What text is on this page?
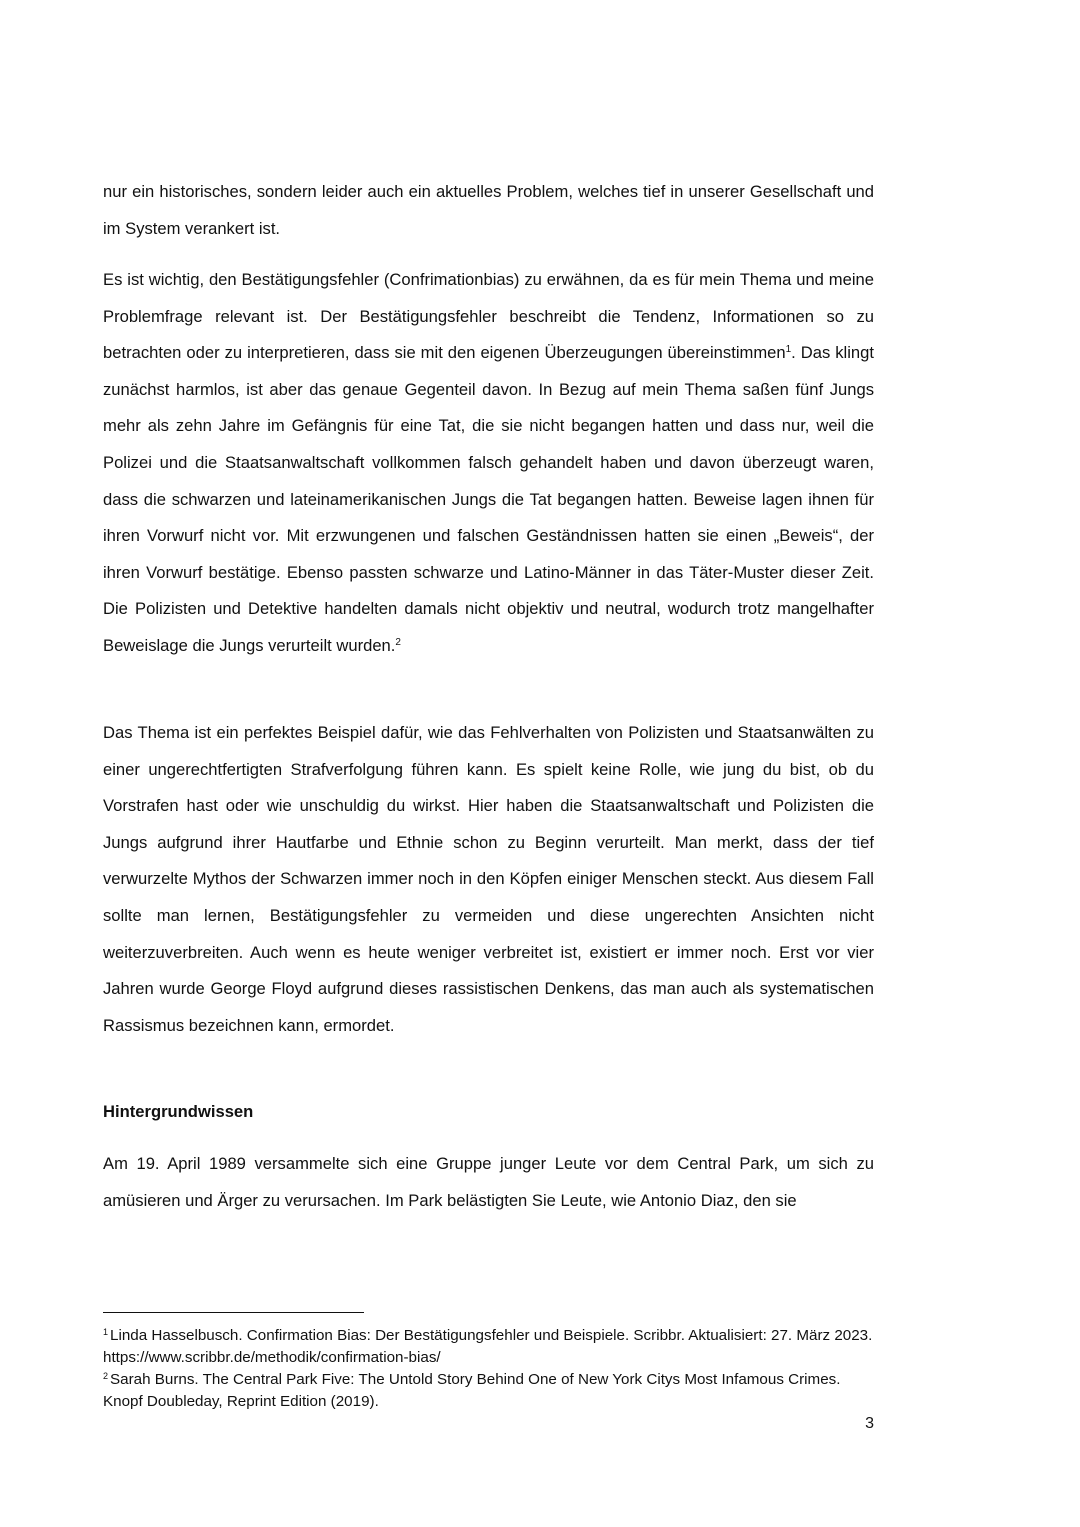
nur ein historisches, sondern leider auch ein aktuelles Problem, welches tief in unserer Gesellschaft und im System verankert ist.

Es ist wichtig, den Bestätigungsfehler (Confrimationbias) zu erwähnen, da es für mein Thema und meine Problemfrage relevant ist. Der Bestätigungsfehler beschreibt die Tendenz, Informationen so zu betrachten oder zu interpretieren, dass sie mit den eigenen Überzeugungen übereinstimmen$^1$. Das klingt zunächst harmlos, ist aber das genaue Gegenteil davon. In Bezug auf mein Thema saßen fünf Jungs mehr als zehn Jahre im Gefängnis für eine Tat, die sie nicht begangen hatten und dass nur, weil die Polizei und die Staatsanwaltschaft vollkommen falsch gehandelt haben und davon überzeugt waren, dass die schwarzen und lateinamerikanischen Jungs die Tat begangen hatten. Beweise lagen ihnen für ihren Vorwurf nicht vor. Mit erzwungenen und falschen Geständnissen hatten sie einen „Beweis“, der ihren Vorwurf bestätige. Ebenso passten schwarze und Latino-Männer in das Täter-Muster dieser Zeit. Die Polizisten und Detektive handelten damals nicht objektiv und neutral, wodurch trotz mangelhafter Beweislage die Jungs verurteilt wurden.$^2$

Das Thema ist ein perfektes Beispiel dafür, wie das Fehlverhalten von Polizisten und Staatsanwälten zu einer ungerechtfertigten Strafverfolgung führen kann. Es spielt keine Rolle, wie jung du bist, ob du Vorstrafen hast oder wie unschuldig du wirkst. Hier haben die Staatsanwaltschaft und Polizisten die Jungs aufgrund ihrer Hautfarbe und Ethnie schon zu Beginn verurteilt. Man merkt, dass der tief verwurzelte Mythos der Schwarzen immer noch in den Köpfen einiger Menschen steckt. Aus diesem Fall sollte man lernen, Bestätigungsfehler zu vermeiden und diese ungerechten Ansichten nicht weiterzuverbreiten. Auch wenn es heute weniger verbreitet ist, existiert er immer noch. Erst vor vier Jahren wurde George Floyd aufgrund dieses rassistischen Denkens, das man auch als systematischen Rassismus bezeichnen kann, ermordet.

Hintergrundwissen

Am 19. April 1989 versammelte sich eine Gruppe junger Leute vor dem Central Park, um sich zu amüsieren und Ärger zu verursachen. Im Park belästigten Sie Leute, wie Antonio Diaz, den sie

$^1$ Linda Hasselbusch. Confirmation Bias: Der Bestätigungsfehler und Beispiele. Scribbr. Aktualisiert: 27. März 2023. https://www.scribbr.de/methodik/confirmation-bias/

$^2$ Sarah Burns. The Central Park Five: The Untold Story Behind One of New York Citys Most Infamous Crimes. Knopf Doubleday, Reprint Edition (2019).

3
